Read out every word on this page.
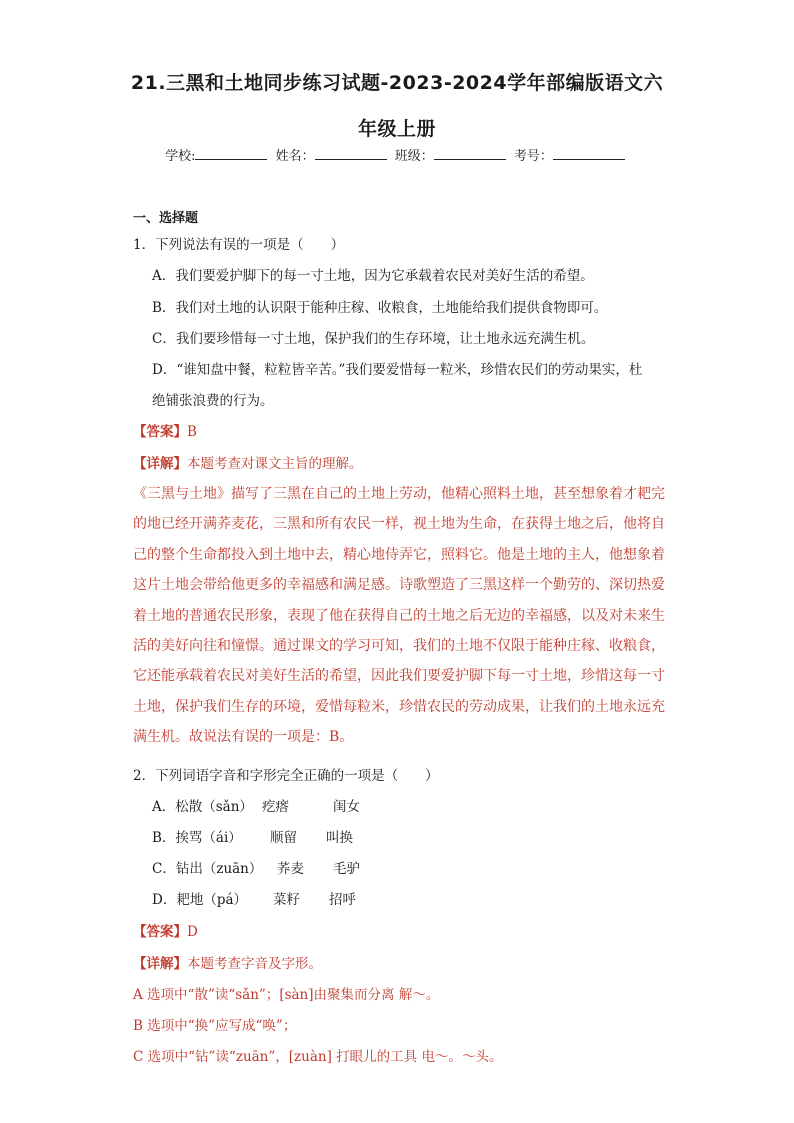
21.三黑和土地同步练习试题-2023-2024学年部编版语文六
年级上册
学校:	姓名：	班级：	考号：
一、选择题
1．下列说法有误的一项是（　　）
A．我们要爱护脚下的每一寸土地，因为它承载着农民对美好生活的希望。
B．我们对土地的认识限于能种庄稼、收粮食，土地能给我们提供食物即可。
C．我们要珍惜每一寸土地，保护我们的生存环境，让土地永远充满生机。
D．“谁知盘中餐，粒粒皆辛苦。”我们要爱惜每一粒米，珍惜农民们的劳动果实，杜
绝铺张浪费的行为。
【答案】B
【详解】本题考查对课文主旨的理解。
《三黑与土地》描写了三黑在自己的土地上劳动，他精心照料土地，甚至想象着才耙完
的地已经开满荞麦花，三黑和所有农民一样，视土地为生命，在获得土地之后，他将自
己的整个生命都投入到土地中去，精心地侍弄它，照料它。他是土地的主人，他想象着
这片土地会带给他更多的幸福感和满足感。诗歌塑造了三黑这样一个勤劳的、深切热爱
着土地的普通农民形象，表现了他在获得自己的土地之后无边的幸福感，以及对未来生
活的美好向往和憧憬。通过课文的学习可知，我们的土地不仅限于能种庄稼、收粮食，
它还能承载着农民对美好生活的希望，因此我们要爱护脚下每一寸土地，珍惜这每一寸
土地，保护我们生存的环境，爱惜每粒米，珍惜农民的劳动成果，让我们的土地永远充
满生机。故说法有误的一项是：B。
2．下列词语字音和字形完全正确的一项是（　　）
A．松散（sǎn） 疙瘩	闺女
B．挨骂（ái） 顺留 叫换
C．钻出（zuān） 荞麦 毛驴
D．耙地（pá） 菜籽 招呼
【答案】D
【详解】本题考查字音及字形。
A 选项中“散”读“sǎn”；[sàn]由聚集而分离 解～。
B 选项中“换”应写成“唤”；
C 选项中“钻”读“zuān”，[zuàn] 打眼儿的工具 电～。～头。
